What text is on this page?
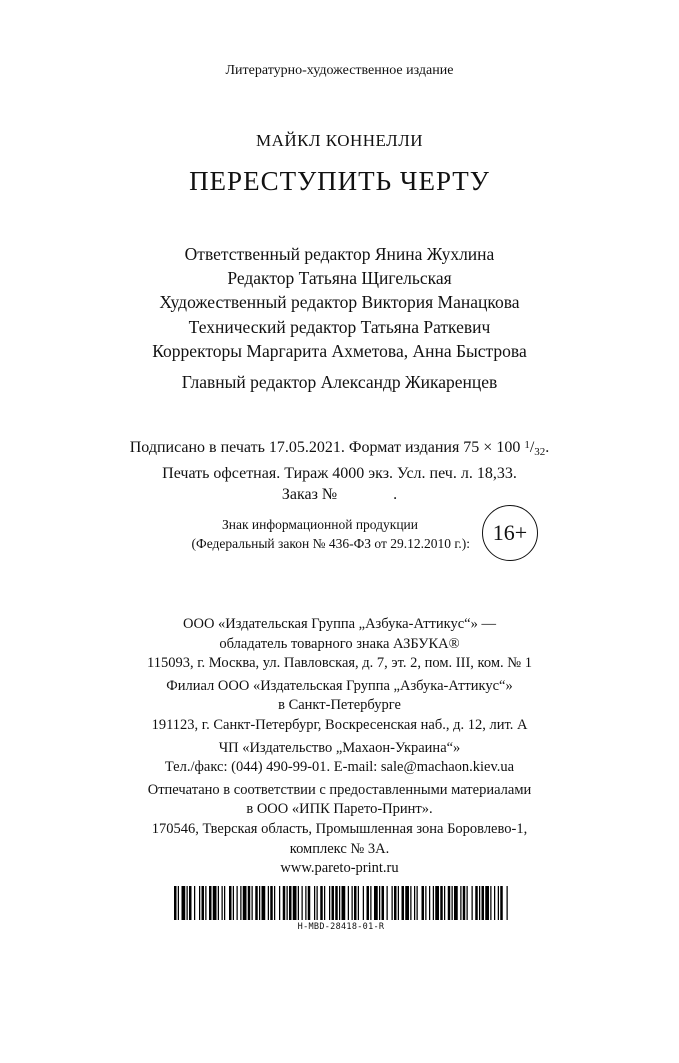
Литературно-художественное издание
МАЙКЛ КОННЕЛЛИ
ПЕРЕСТУПИТЬ ЧЕРТУ
Ответственный редактор Янина Жухлина
Редактор Татьяна Щигельская
Художественный редактор Виктория Манацкова
Технический редактор Татьяна Раткевич
Корректоры Маргарита Ахметова, Анна Быстрова
Главный редактор Александр Жикаренцев
Подписано в печать 17.05.2021. Формат издания 75 × 100 $^1$/32.
Печать офсетная. Тираж 4000 экз. Усл. печ. л. 18,33.
Заказ №              .
Знак информационной продукции
(Федеральный закон № 436-ФЗ от 29.12.2010 г.): 16+
ООО «Издательская Группа „Азбука-Аттикус“» —
обладатель товарного знака АЗБУКА®
115093, г. Москва, ул. Павловская, д. 7, эт. 2, пом. III, ком. № 1
Филиал ООО «Издательская Группа „Азбука-Аттикус“»
в Санкт-Петербурге
191123, г. Санкт-Петербург, Воскресенская наб., д. 12, лит. А
ЧП «Издательство „Махаон-Украина“»
Тел./факс: (044) 490-99-01. E-mail: sale@machaon.kiev.ua
Отпечатано в соответствии с предоставленными материалами
в ООО «ИПК Парето-Принт».
170546, Тверская область, Промышленная зона Боровлево-1,
комплекс № 3А.
www.pareto-print.ru
H-MBD-28418-01-R
